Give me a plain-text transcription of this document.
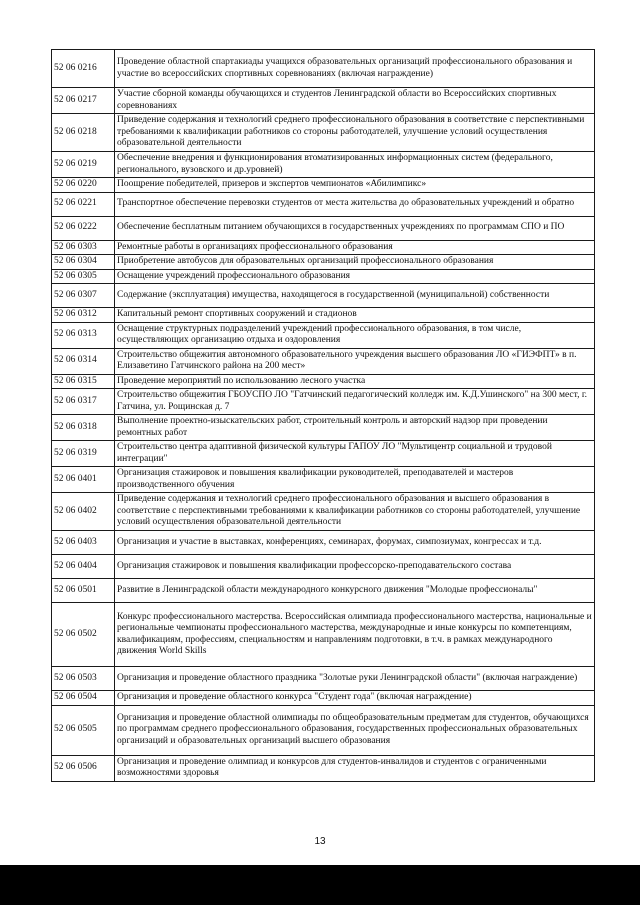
52 06 0216	Проведение областной спартакиады учащихся образовательных организаций профессионального образования и участие во всероссийских спортивных соревнованиях (включая награждение)
52 06 0217	Участие сборной команды обучающихся и студентов Ленинградской области во Всероссийских спортивных соревнованиях
52 06 0218	Приведение содержания и технологий среднего профессионального образования в соответствие с перспективными требованиями к квалификации работников со стороны работодателей, улучшение условий осуществления образовательной деятельности
52 06 0219	Обеспечение внедрения и функционирования втоматизированных информационных систем (федерального, регионального, вузовского и др.уровней)
52 06 0220	Поощрение победителей, призеров и экспертов чемпионатов «Абилимпикс»
52 06 0221	Транспортное обеспечение перевозки студентов от места жительства до образовательных учреждений и обратно
52 06 0222	Обеспечение бесплатным питанием обучающихся в государственных учреждениях по программам СПО и ПО
52 06 0303	Ремонтные работы в организациях профессионального образования
52 06 0304	Приобретение автобусов для образовательных организаций профессионального образования
52 06 0305	Оснащение учреждений профессионального образования
52 06 0307	Содержание (эксплуатация) имущества, находящегося в государственной (муниципальной) собственности
52 06 0312	Капитальный ремонт спортивных сооружений и стадионов
52 06 0313	Оснащение структурных подразделений учреждений профессионального образования, в том числе, осуществляющих организацию отдыха и оздоровления
52 06 0314	Строительство общежития автономного образовательного учреждения высшего образования ЛО «ГИЭФПТ» в п. Елизаветино Гатчинского района на 200 мест»
52 06 0315	Проведение мероприятий по использованию лесного участка
52 06 0317	Строительство общежития ГБОУСПО ЛО "Гатчинский педагогический колледж им. К.Д.Ушинского" на 300 мест, г. Гатчина, ул. Рощинская д. 7
52 06 0318	Выполнение проектно-изыскательских работ, строительный контроль и авторский надзор при проведении ремонтных работ
52 06 0319	Строительство центра адаптивной физической культуры ГАПОУ ЛО "Мультицентр социальной и трудовой интеграции"
52 06 0401	Организация стажировок и повышения квалификации руководителей, преподавателей и мастеров производственного обучения
52 06 0402	Приведение содержания и технологий среднего профессионального образования и высшего образования в соответствие с перспективными требованиями к квалификации работников со стороны работодателей, улучшение условий осуществления образовательной деятельности
52 06 0403	Организация и участие в выставках, конференциях, семинарах, форумах, симпозиумах, конгрессах и т.д.
52 06 0404	Организация стажировок и повышения квалификации профессорско-преподавательского состава
52 06 0501	Развитие в Ленинградской области международного конкурсного движения "Молодые профессионалы"
52 06 0502	Конкурс профессионального мастерства. Всероссийская олимпиада профессионального мастерства, национальные и региональные чемпионаты профессионального мастерства, международные и иные конкурсы по компетенциям, квалификациям, профессиям, специальностям и направлениям подготовки, в т.ч. в рамках международного движения World Skills
52 06 0503	Организация и проведение областного праздника "Золотые руки Ленинградской области" (включая награждение)
52 06 0504	Организация и проведение областного конкурса "Студент года" (включая награждение)
52 06 0505	Организация и проведение областной олимпиады по общеобразовательным предметам для студентов, обучающихся по программам среднего профессионального образования, государственных профессиональных образовательных организаций и образовательных организаций высшего образования
52 06 0506	Организация и проведение олимпиад и конкурсов для студентов-инвалидов и студентов с ограниченными возможностями здоровья
13
